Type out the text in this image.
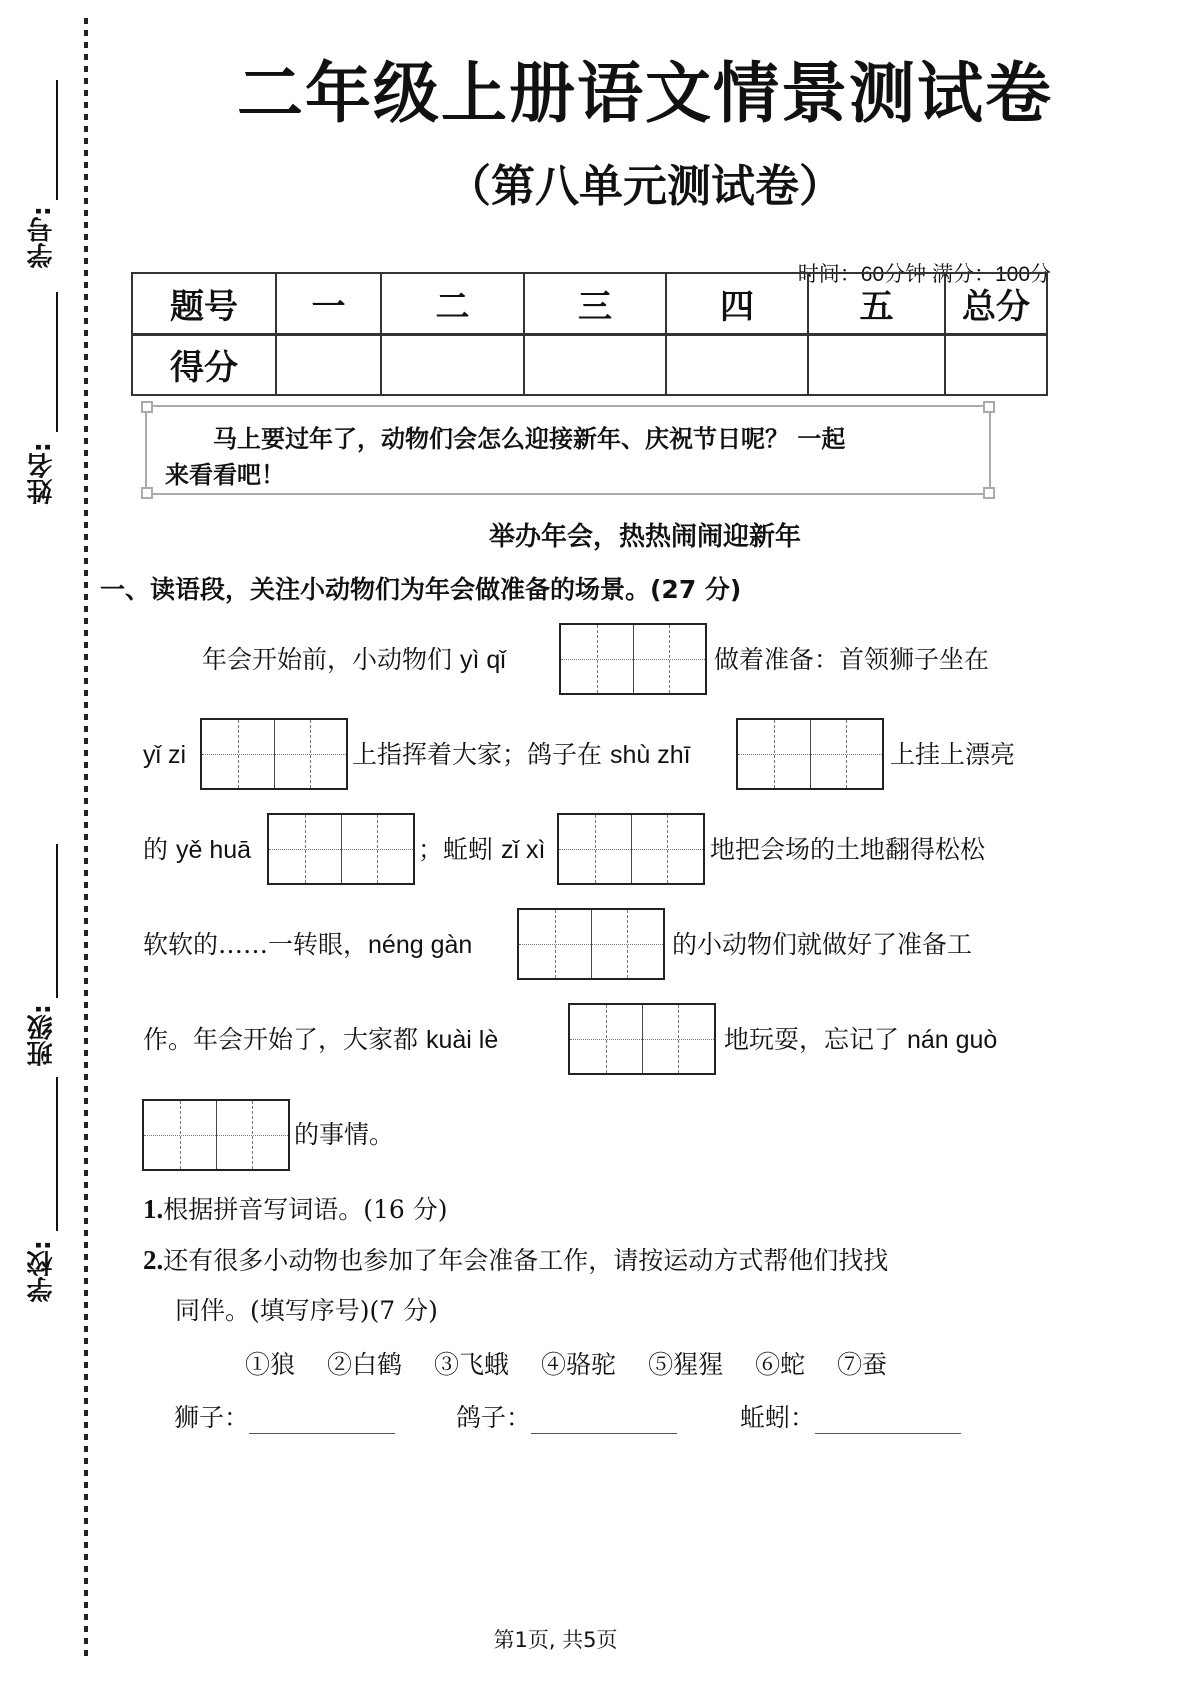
学号:
姓名:
班级:
学校:
二年级上册语文情景测试卷
（第八单元测试卷）
时间：60分钟 满分：100分
题号	一	二	三	四	五	总分
得分						
　　马上要过年了，动物们会怎么迎接新年、庆祝节日呢？ 一起
来看看吧！
举办年会，热热闹闹迎新年
一、读语段，关注小动物们为年会做准备的场景。(27 分)
年会开始前，小动物们 yì qǐ	做着准备：首领狮子坐在
yǐ zi	上指挥着大家；鸽子在 shù zhī	上挂上漂亮
的 yě huā	；蚯蚓 zǐ xì	地把会场的土地翻得松松
软软的……一转眼，néng gàn	的小动物们就做好了准备工
作。年会开始了，大家都 kuài lè	地玩耍，忘记了 nán guò
的事情。
1.根据拼音写词语。(16 分)
2.还有很多小动物也参加了年会准备工作，请按运动方式帮他们找找
同伴。(填写序号)(7 分)
①狼 ②白鹤 ③飞蛾 ④骆驼 ⑤猩猩 ⑥蛇 ⑦蚕
狮子：	鸽子：	蚯蚓：
第1页, 共5页
